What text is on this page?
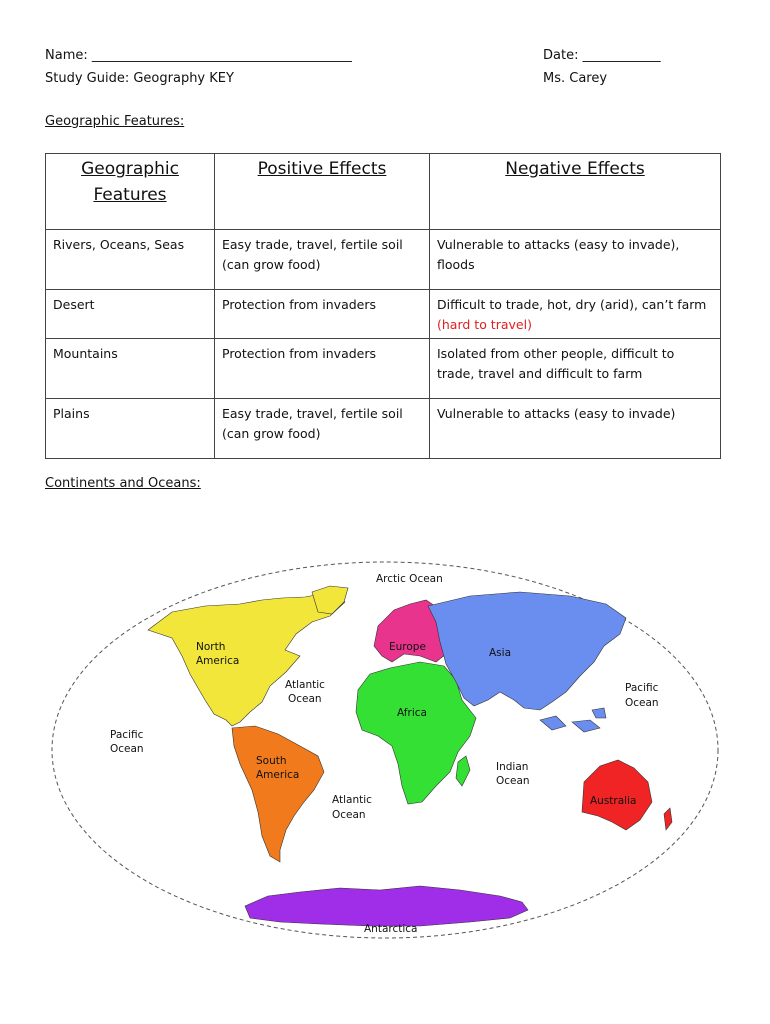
Name: ________________________________________	Date: ____________
Study Guide: Geography KEY	Ms. Carey
Geographic Features:
Geographic Features	Positive Effects	Negative Effects
Rivers, Oceans, Seas	Easy trade, travel, fertile soil (can grow food)	Vulnerable to attacks (easy to invade), floods
Desert	Protection from invaders	Difficult to trade, hot, dry (arid), can’t farm (hard to travel)
Mountains	Protection from invaders	Isolated from other people, difficult to trade, travel and difficult to farm
Plains	Easy trade, travel, fertile soil (can grow food)	Vulnerable to attacks (easy to invade)
Continents and Oceans:
Arctic Ocean
North
America
Europe	Asia
Atlantic
Ocean
Africa
Pacific
Ocean
Pacific
Ocean
South
America
Atlantic
Ocean
Indian
Ocean
Australia
Antarctica
